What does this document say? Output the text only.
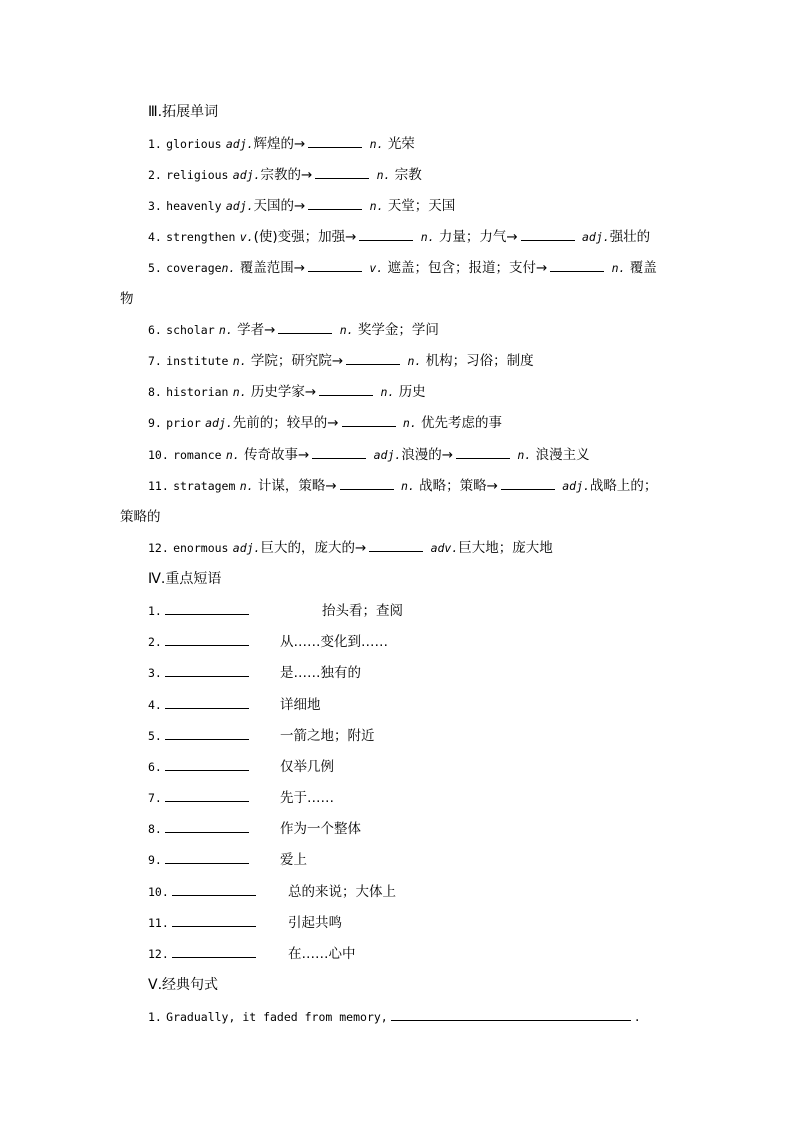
Ⅲ.拓展单词
1. glorious adj.辉煌的→	n. 光荣
2. religious adj.宗教的→	n. 宗教
3. heavenly adj.天国的→	n. 天堂；天国
4. strengthen v.(使)变强；加强→	n. 力量；力气→	adj.强壮的
5. coveragen. 覆盖范围→	v. 遮盖；包含；报道；支付→	n. 覆盖
物
6. scholar n. 学者→	n. 奖学金；学问
7. institute n. 学院；研究院→	n. 机构；习俗；制度
8. historian n. 历史学家→	n. 历史
9. prior adj.先前的；较早的→	n. 优先考虑的事
10. romance n. 传奇故事→	adj.浪漫的→	n. 浪漫主义
11. stratagem n. 计谋，策略→	n. 战略；策略→	adj.战略上的；
策略的
12. enormous adj.巨大的，庞大的→	adv.巨大地；庞大地
Ⅳ.重点短语
1.	抬头看；查阅
2.	从……变化到……
3.	是……独有的
4.	详细地
5.	一箭之地；附近
6.	仅举几例
7.	先于……
8.	作为一个整体
9.	爱上
10.	总的来说；大体上
11.	引起共鸣
12.	在……心中
Ⅴ.经典句式
1. Gradually, it faded from memory,	.
